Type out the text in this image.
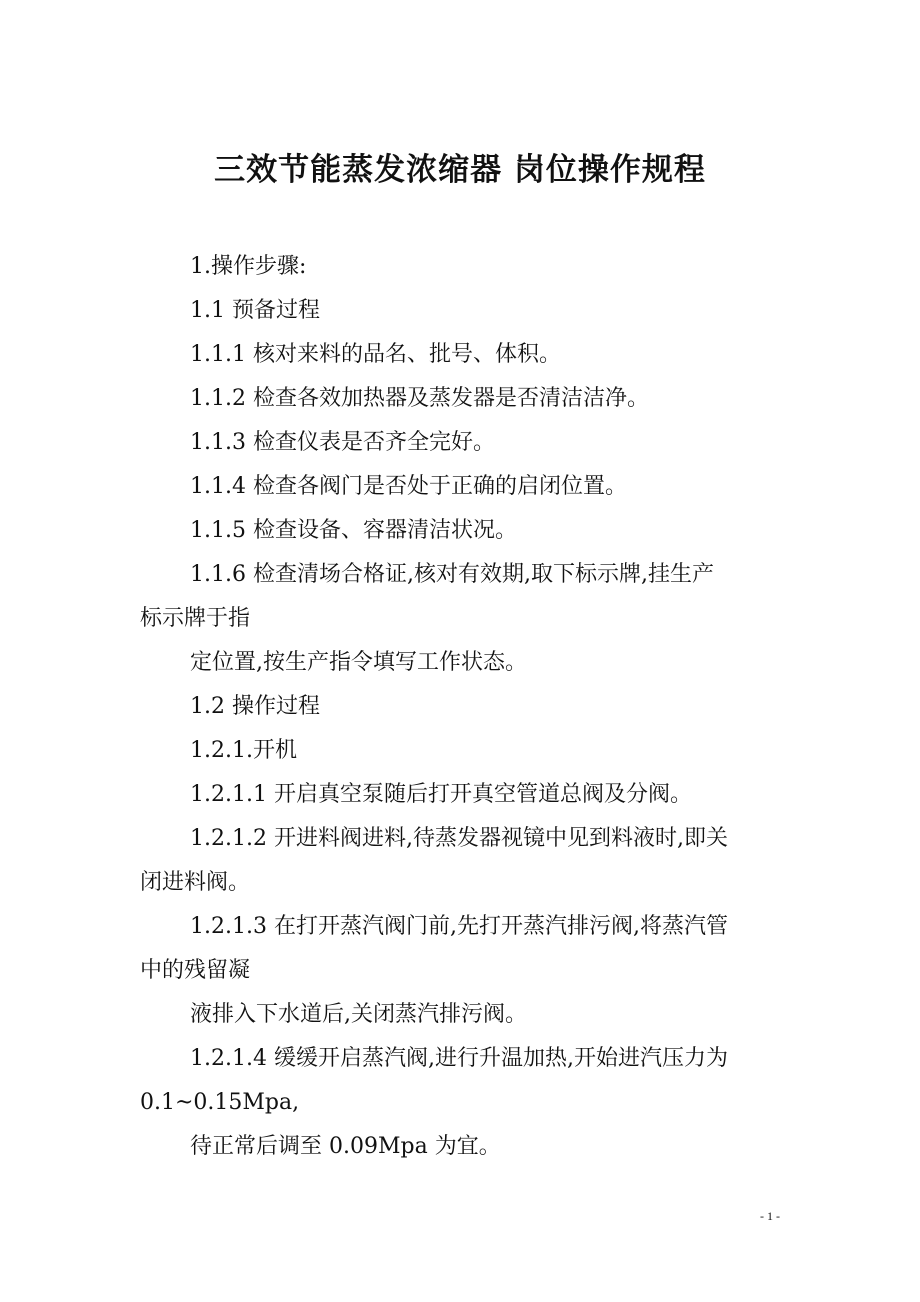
三效节能蒸发浓缩器 岗位操作规程

1.操作步骤:

1.1 预备过程

1.1.1 核对来料的品名、批号、体积。

1.1.2 检查各效加热器及蒸发器是否清洁洁净。

1.1.3 检查仪表是否齐全完好。

1.1.4 检查各阀门是否处于正确的启闭位置。

1.1.5 检查设备、容器清洁状况。

1.1.6 检查清场合格证,核对有效期,取下标示牌,挂生产

标示牌于指

定位置,按生产指令填写工作状态。

1.2 操作过程

1.2.1.开机

1.2.1.1 开启真空泵随后打开真空管道总阀及分阀。

1.2.1.2 开进料阀进料,待蒸发器视镜中见到料液时,即关

闭进料阀。

1.2.1.3 在打开蒸汽阀门前,先打开蒸汽排污阀,将蒸汽管

中的残留凝

液排入下水道后,关闭蒸汽排污阀。

1.2.1.4 缓缓开启蒸汽阀,进行升温加热,开始进汽压力为

0.1~0.15Mpa,

待正常后调至 0.09Mpa 为宜。

- 1 -
